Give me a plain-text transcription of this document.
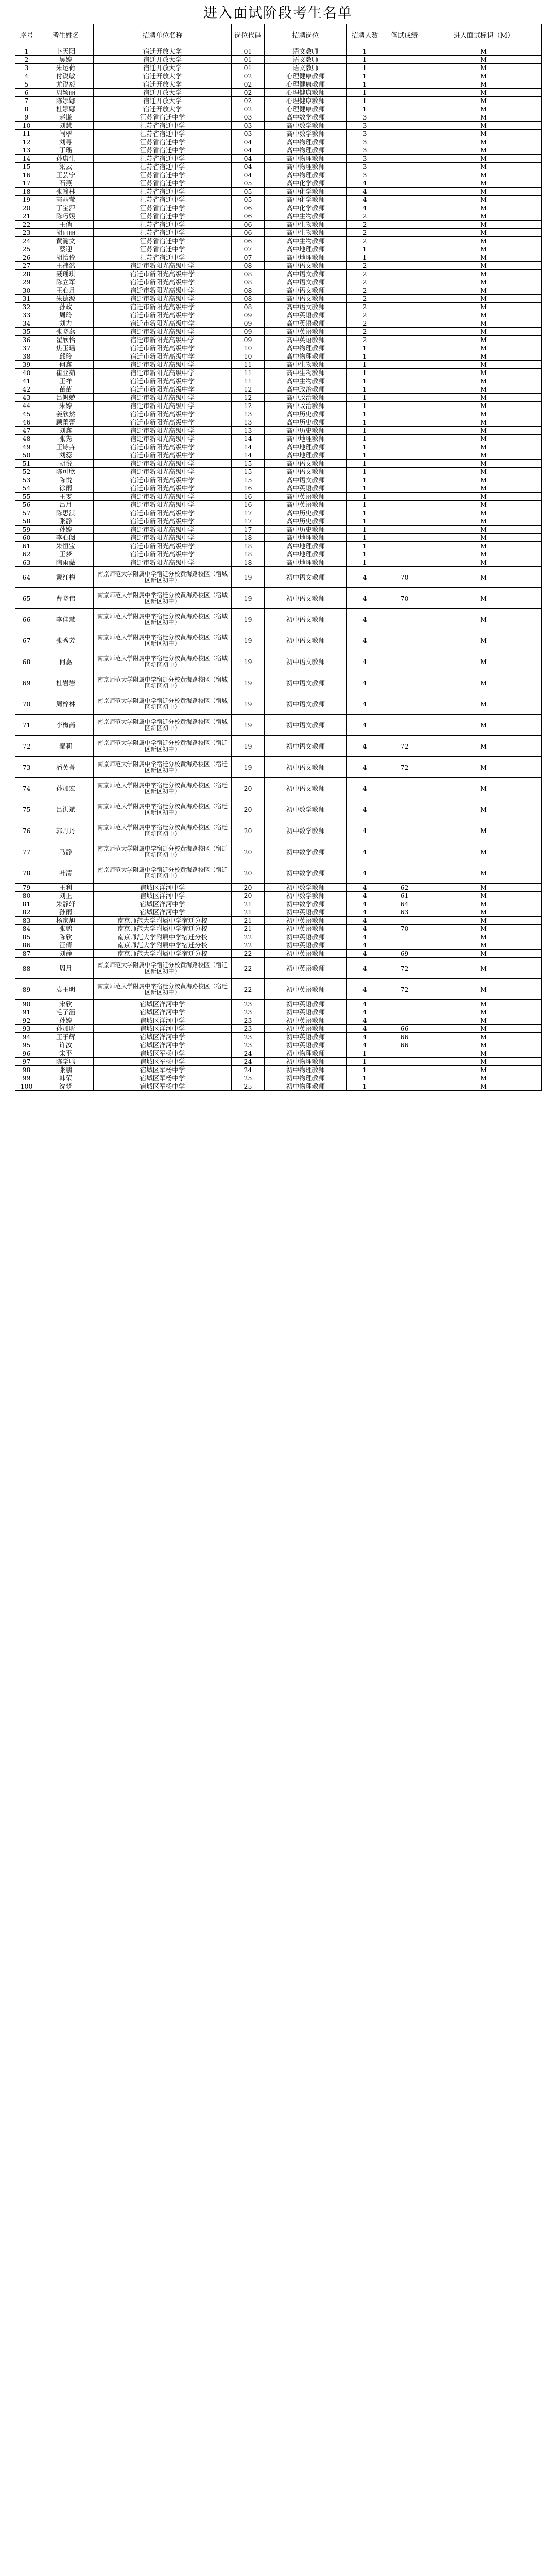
进入面试阶段考生名单
序号	考生姓名	招聘单位名称	岗位代码	招聘岗位	招聘人数	笔试成绩	进入面试标识（M）
1	卜天阳	宿迁开放大学	01	语文教师	1		M
2	吴婷	宿迁开放大学	01	语文教师	1		M
3	朱运荷	宿迁开放大学	01	语文教师	1		M
4	付锐敏	宿迁开放大学	02	心理健康教师	1		M
5	尤锐毅	宿迁开放大学	02	心理健康教师	1		M
6	周颖丽	宿迁开放大学	02	心理健康教师	1		M
7	陈娜娜	宿迁开放大学	02	心理健康教师	1		M
8	杜娜娜	宿迁开放大学	02	心理健康教师	1		M
9	赵谦	江苏省宿迁中学	03	高中数学教师	3		M
10	刘慧	江苏省宿迁中学	03	高中数学教师	3		M
11	闫翠	江苏省宿迁中学	03	高中数学教师	3		M
12	刘寻	江苏省宿迁中学	04	高中物理教师	3		M
13	丁瑶	江苏省宿迁中学	04	高中物理教师	3		M
14	孙康生	江苏省宿迁中学	04	高中物理教师	3		M
15	梁云	江苏省宿迁中学	04	高中物理教师	3		M
16	王芸宁	江苏省宿迁中学	04	高中物理教师	3		M
17	石燕	江苏省宿迁中学	05	高中化学教师	4		M
18	张翰林	江苏省宿迁中学	05	高中化学教师	4		M
19	郭晶莹	江苏省宿迁中学	05	高中化学教师	4		M
20	丁宝萍	江苏省宿迁中学	06	高中化学教师	4		M
21	陈巧媛	江苏省宿迁中学	06	高中生物教师	2		M
22	王俏	江苏省宿迁中学	06	高中生物教师	2		M
23	胡丽丽	江苏省宿迁中学	06	高中生物教师	2		M
24	黄瀚文	江苏省宿迁中学	06	高中生物教师	2		M
25	蔡迎	江苏省宿迁中学	07	高中地理教师	1		M
26	胡怡伶	江苏省宿迁中学	07	高中地理教师	1		M
27	王祎然	宿迁市新阳光高级中学	08	高中语文教师	2		M
28	聂瑶琪	宿迁市新阳光高级中学	08	高中语文教师	2		M
29	陈立军	宿迁市新阳光高级中学	08	高中语文教师	2		M
30	王心月	宿迁市新阳光高级中学	08	高中语文教师	2		M
31	朱德源	宿迁市新阳光高级中学	08	高中语文教师	2		M
32	孙政	宿迁市新阳光高级中学	08	高中语文教师	2		M
33	周玲	宿迁市新阳光高级中学	09	高中英语教师	2		M
34	刘力	宿迁市新阳光高级中学	09	高中英语教师	2		M
35	张晓燕	宿迁市新阳光高级中学	09	高中英语教师	2		M
36	翟欣怡	宿迁市新阳光高级中学	09	高中英语教师	2		M
37	焦玉瑶	宿迁市新阳光高级中学	10	高中物理教师	1		M
38	邱玲	宿迁市新阳光高级中学	10	高中物理教师	1		M
39	何鑫	宿迁市新阳光高级中学	11	高中生物教师	1		M
40	崔亚茹	宿迁市新阳光高级中学	11	高中生物教师	1		M
41	王祥	宿迁市新阳光高级中学	11	高中生物教师	1		M
42	苗苗	宿迁市新阳光高级中学	12	高中政治教师	1		M
43	吕帆兢	宿迁市新阳光高级中学	12	高中政治教师	1		M
44	朱婷	宿迁市新阳光高级中学	12	高中政治教师	1		M
45	姜欣然	宿迁市新阳光高级中学	13	高中历史教师	1		M
46	顾蕾蕾	宿迁市新阳光高级中学	13	高中历史教师	1		M
47	刘鑫	宿迁市新阳光高级中学	13	高中历史教师	1		M
48	张隽	宿迁市新阳光高级中学	14	高中地理教师	1		M
49	王诗卉	宿迁市新阳光高级中学	14	高中地理教师	1		M
50	刘蕊	宿迁市新阳光高级中学	14	高中地理教师	1		M
51	胡悦	宿迁市新阳光高级中学	15	高中语文教师	1		M
52	陈可欣	宿迁市新阳光高级中学	15	高中语文教师	1		M
53	陈悦	宿迁市新阳光高级中学	15	高中语文教师	1		M
54	徐雨	宿迁市新阳光高级中学	16	高中英语教师	1		M
55	王雯	宿迁市新阳光高级中学	16	高中英语教师	1		M
56	吕月	宿迁市新阳光高级中学	16	高中英语教师	1		M
57	陈思淇	宿迁市新阳光高级中学	17	高中历史教师	1		M
58	张静	宿迁市新阳光高级中学	17	高中历史教师	1		M
59	孙婷	宿迁市新阳光高级中学	17	高中历史教师	1		M
60	李心阅	宿迁市新阳光高级中学	18	高中地理教师	1		M
61	朱恒宝	宿迁市新阳光高级中学	18	高中地理教师	1		M
62	王梦	宿迁市新阳光高级中学	18	高中地理教师	1		M
63	陶雨薇	宿迁市新阳光高级中学	18	高中地理教师	1		M
64	戴红梅	南京师范大学附属中学宿迁分校黄海路校区（宿城区新区初中）	19	初中语文教师	4	70	M
65	曹晓伟	南京师范大学附属中学宿迁分校黄海路校区（宿城区新区初中）	19	初中语文教师	4	70	M
66	李佳慧	南京师范大学附属中学宿迁分校黄海路校区（宿城区新区初中）	19	初中语文教师	4		M
67	张秀芳	南京师范大学附属中学宿迁分校黄海路校区（宿城区新区初中）	19	初中语文教师	4		M
68	何嘉	南京师范大学附属中学宿迁分校黄海路校区（宿城区新区初中）	19	初中语文教师	4		M
69	杜岩岩	南京师范大学附属中学宿迁分校黄海路校区（宿城区新区初中）	19	初中语文教师	4		M
70	周梓林	南京师范大学附属中学宿迁分校黄海路校区（宿城区新区初中）	19	初中语文教师	4		M
71	李梅芮	南京师范大学附属中学宿迁分校黄海路校区（宿城区新区初中）	19	初中语文教师	4		M
72	秦莉	南京师范大学附属中学宿迁分校黄海路校区（宿迁区新区初中）	19	初中语文教师	4	72	M
73	潘英菁	南京师范大学附属中学宿迁分校黄海路校区（宿迁区新区初中）	19	初中语文教师	4	72	M
74	孙加宏	南京师范大学附属中学宿迁分校黄海路校区（宿迁区新区初中）	20	初中语文教师	4		M
75	吕洪斌	南京师范大学附属中学宿迁分校黄海路校区（宿迁区新区初中）	20	初中数学教师	4		M
76	郭丹丹	南京师范大学附属中学宿迁分校黄海路校区（宿迁区新区初中）	20	初中数学教师	4		M
77	马静	南京师范大学附属中学宿迁分校黄海路校区（宿迁区新区初中）	20	初中数学教师	4		M
78	叶清	南京师范大学附属中学宿迁分校黄海路校区（宿迁区新区初中）	20	初中数学教师	4		M
79	王利	宿城区洋河中学	20	初中数学教师	4	62	M
80	刘正	宿城区洋河中学	20	初中数学教师	4	61	M
81	朱静轩	宿城区洋河中学	21	初中数学教师	4	64	M
82	孙雨	宿城区洋河中学	21	初中英语教师	4	63	M
83	杨家旭	南京师范大学附属中学宿迁分校	21	初中英语教师	4		M
84	张鹏	南京师范大学附属中学宿迁分校	21	初中英语教师	4	70	M
85	陈欣	南京师范大学附属中学宿迁分校	22	初中英语教师	4		M
86	汪倩	南京师范大学附属中学宿迁分校	22	初中英语教师	4		M
87	刘静	南京师范大学附属中学宿迁分校	22	初中英语教师	4	69	M
88	周月	南京师范大学附属中学宿迁分校黄海路校区（宿迁区新区初中）	22	初中英语教师	4	72	M
89	袁玉明	南京师范大学附属中学宿迁分校黄海路校区（宿迁区新区初中）	22	初中英语教师	4	72	M
90	宋欣	宿城区洋河中学	23	初中英语教师	4		M
91	毛子涵	宿城区洋河中学	23	初中英语教师	4		M
92	孙婷	宿城区洋河中学	23	初中英语教师	4		M
93	孙加昕	宿城区洋河中学	23	初中英语教师	4	66	M
94	王于辉	宿城区洋河中学	23	初中英语教师	4	66	M
95	许汝	宿城区洋河中学	23	初中英语教师	4	66	M
96	宋平	宿城区军杨中学	24	初中物理教师	1		M
97	陈学鸣	宿城区军杨中学	24	初中物理教师	1		M
98	张鹏	宿城区军杨中学	24	初中物理教师	1		M
99	韩荣	宿城区军杨中学	25	初中物理教师	1		M
100	沈梦	宿城区军杨中学	25	初中物理教师	1		M
